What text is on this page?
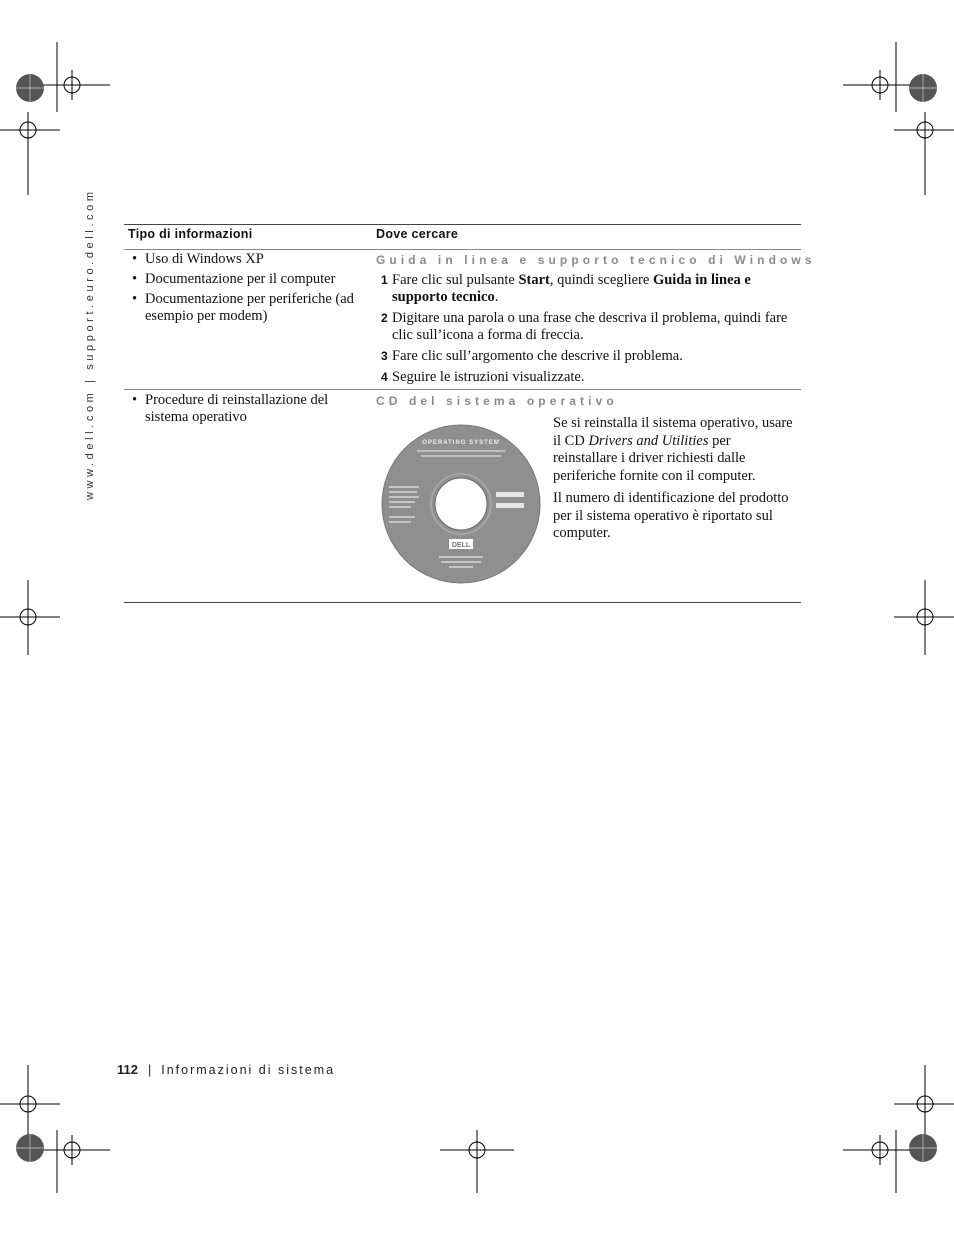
www.dell.com | support.euro.dell.com	Tipo di informazioni	Dove cercare
• Uso di Windows XP
• Documentazione per il computer
• Documentazione per periferiche (ad esempio per modem)
Guida in linea e supporto tecnico di Windows
1 Fare clic sul pulsante Start, quindi scegliere Guida in linea e supporto tecnico.
2 Digitare una parola o una frase che descriva il problema, quindi fare clic sull’icona a forma di freccia.
3 Fare clic sull’argomento che descrive il problema.
4 Seguire le istruzioni visualizzate.
• Procedure di reinstallazione del sistema operativo
CD del sistema operativo
OPERATING SYSTEM
DELL

Se si reinstalla il sistema operativo, usare il CD Drivers and Utilities per reinstallare i driver richiesti dalle periferiche fornite con il computer.

Il numero di identificazione del prodotto per il sistema operativo è riportato sul computer.

112 | Informazioni di sistema
